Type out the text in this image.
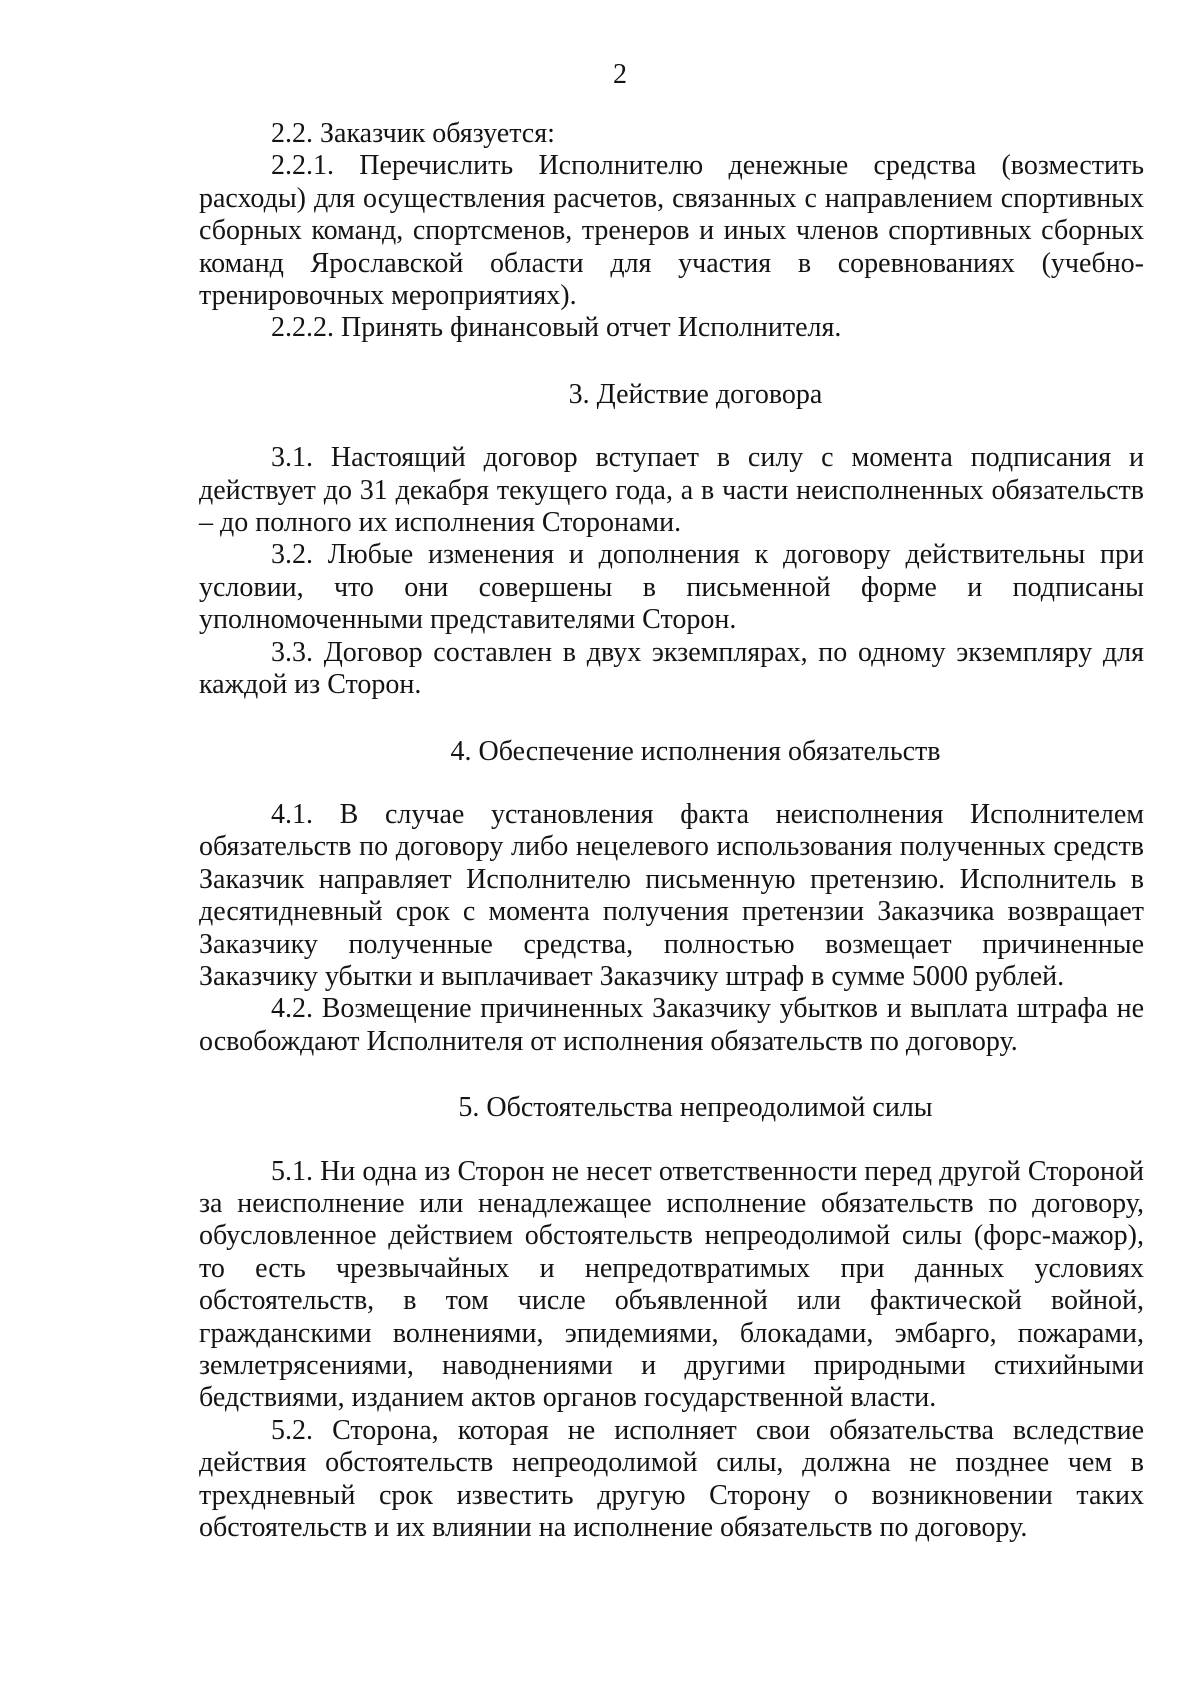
2

2.2. Заказчик обязуется:

2.2.1. Перечислить Исполнителю денежные средства (возместить расходы) для осуществления расчетов, связанных с направлением спортивных сборных команд, спортсменов, тренеров и иных членов спортивных сборных команд Ярославской области для участия в соревнованиях (учебно-тренировочных мероприятиях).

2.2.2. Принять финансовый отчет Исполнителя.

3. Действие договора

3.1. Настоящий договор вступает в силу с момента подписания и действует до 31 декабря текущего года, а в части неисполненных обязательств – до полного их исполнения Сторонами.

3.2. Любые изменения и дополнения к договору действительны при условии, что они совершены в письменной форме и подписаны уполномоченными представителями Сторон.

3.3. Договор составлен в двух экземплярах, по одному экземпляру для каждой из Сторон.

4. Обеспечение исполнения обязательств

4.1. В случае установления факта неисполнения Исполнителем обязательств по договору либо нецелевого использования полученных средств Заказчик направляет Исполнителю письменную претензию. Исполнитель в десятидневный срок с момента получения претензии Заказчика возвращает Заказчику полученные средства, полностью возмещает причиненные Заказчику убытки и выплачивает Заказчику штраф в сумме 5000 рублей.

4.2. Возмещение причиненных Заказчику убытков и выплата штрафа не освобождают Исполнителя от исполнения обязательств по договору.

5. Обстоятельства непреодолимой силы

5.1. Ни одна из Сторон не несет ответственности перед другой Стороной за неисполнение или ненадлежащее исполнение обязательств по договору, обусловленное действием обстоятельств непреодолимой силы (форс-мажор), то есть чрезвычайных и непредотвратимых при данных условиях обстоятельств, в том числе объявленной или фактической войной, гражданскими волнениями, эпидемиями, блокадами, эмбарго, пожарами, землетрясениями, наводнениями и другими природными стихийными бедствиями, изданием актов органов государственной власти.

5.2. Сторона, которая не исполняет свои обязательства вследствие действия обстоятельств непреодолимой силы, должна не позднее чем в трехдневный срок известить другую Сторону о возникновении таких обстоятельств и их влиянии на исполнение обязательств по договору.
